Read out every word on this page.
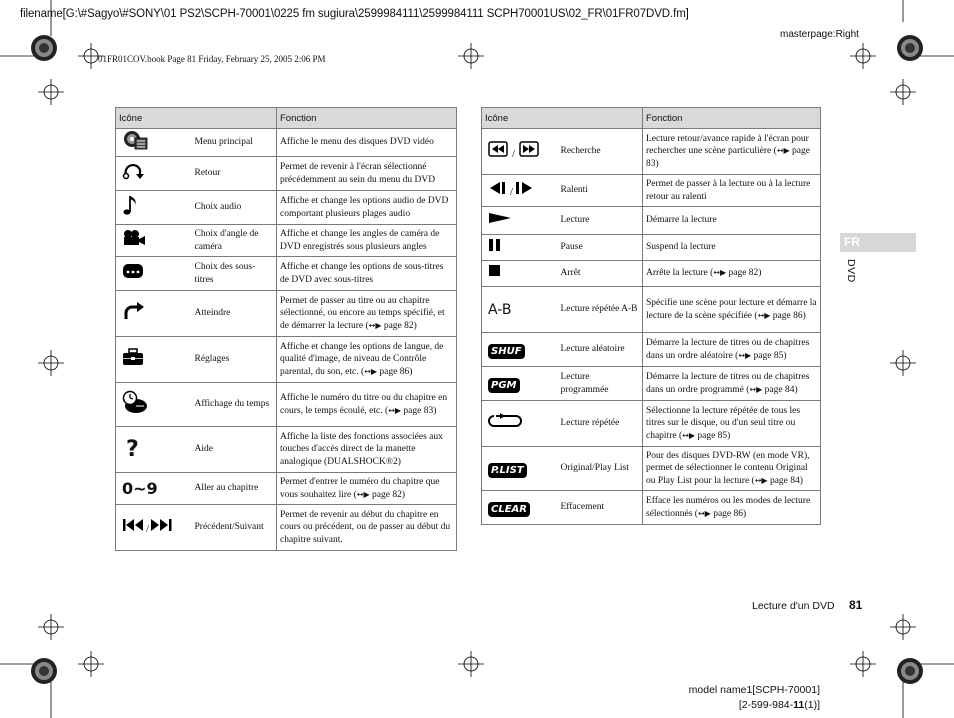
filename[G:\#Sagyo\#SONY\01 PS2\SCPH-70001\0225 fm sugiura\2599984111\2599984111 SCPH70001US\02_FR\01FR07DVD.fm]
01FR01COV.book Page 81 Friday, February 25, 2005 2:06 PM
masterpage:Right
FR
DVD
Icône		Fonction
	Menu principal	Affiche le menu des disques DVD vidéo
	Retour	Permet de revenir à l'écran sélectionné précédemment au sein du menu du DVD
	Choix audio	Affiche et change les options audio de DVD comportant plusieurs plages audio
	Choix d'angle de caméra	Affiche et change les angles de caméra de DVD enregistrés sous plusieurs angles
	Choix des sous-titres	Affiche et change les options de sous-titres de DVD avec sous-titres
	Atteindre	Permet de passer au titre ou au chapitre sélectionné, ou encore au temps spécifié, et de démarrer la lecture (↔▶ page 82)
	Réglages	Affiche et change les options de langue, de qualité d'image, de niveau de Contrôle parental, du son, etc. (↔▶ page 86)
	Affichage du temps	Affiche le numéro du titre ou du chapitre en cours, le temps écoulé, etc. (↔▶ page 83)
?	Aide	Affiche la liste des fonctions associées aux touches d'accès direct de la manette analogique (DUALSHOCK®2)
0~9	Aller au chapitre	Permet d'entrer le numéro du chapitre que vous souhaitez lire (↔▶ page 82)
/	Précédent/Suivant	Permet de revenir au début du chapitre en cours ou précédent, ou de passer au début du chapitre suivant.
Icône		Fonction
/	Recherche	Lecture retour/avance rapide à l'écran pour rechercher une scène particulière (↔▶ page 83)
/	Ralenti	Permet de passer à la lecture ou à la lecture retour au ralenti
	Lecture	Démarre la lecture
	Pause	Suspend la lecture
	Arrêt	Arrête la lecture (↔▶ page 82)
A-B	Lecture répétée A-B	Spécifie une scène pour lecture et démarre la lecture de la scène spécifiée (↔▶ page 86)
SHUF	Lecture aléatoire	Démarre la lecture de titres ou de chapitres dans un ordre aléatoire (↔▶ page 85)
PGM	Lecture programmée	Démarre la lecture de titres ou de chapitres dans un ordre programmé (↔▶ page 84)
	Lecture répétée	Sélectionne la lecture répétée de tous les titres sur le disque, ou d'un seul titre ou chapitre (↔▶ page 85)
P.LIST	Original/Play List	Pour des disques DVD-RW (en mode VR), permet de sélectionner le contenu Original ou Play List pour la lecture (↔▶ page 84)
CLEAR	Effacement	Efface les numéros ou les modes de lecture sélectionnés (↔▶ page 86)
Lecture d'un DVD 81
model name1[SCPH-70001]
[2-599-984-11(1)]
